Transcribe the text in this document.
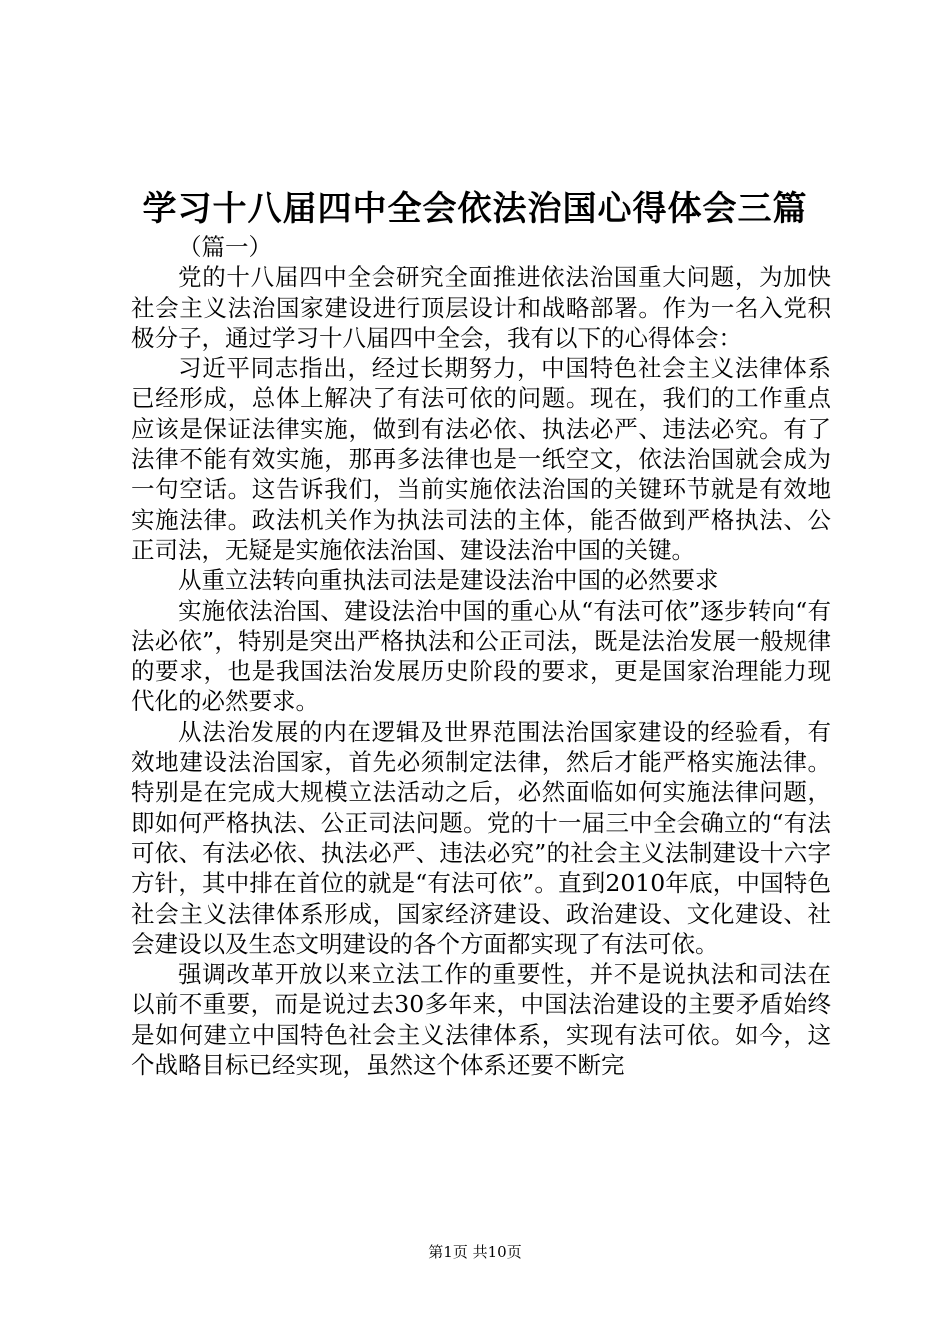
学习十八届四中全会依法治国心得体会三篇

（篇一）

党的十八届四中全会研究全面推进依法治国重大问题，为加快社会主义法治国家建设进行顶层设计和战略部署。作为一名入党积极分子，通过学习十八届四中全会，我有以下的心得体会：

习近平同志指出，经过长期努力，中国特色社会主义法律体系已经形成，总体上解决了有法可依的问题。现在，我们的工作重点应该是保证法律实施，做到有法必依、执法必严、违法必究。有了法律不能有效实施，那再多法律也是一纸空文，依法治国就会成为一句空话。这告诉我们，当前实施依法治国的关键环节就是有效地实施法律。政法机关作为执法司法的主体，能否做到严格执法、公正司法，无疑是实施依法治国、建设法治中国的关键。

从重立法转向重执法司法是建设法治中国的必然要求

实施依法治国、建设法治中国的重心从“有法可依”逐步转向“有法必依”，特别是突出严格执法和公正司法，既是法治发展一般规律的要求，也是我国法治发展历史阶段的要求，更是国家治理能力现代化的必然要求。

从法治发展的内在逻辑及世界范围法治国家建设的经验看，有效地建设法治国家，首先必须制定法律，然后才能严格实施法律。特别是在完成大规模立法活动之后，必然面临如何实施法律问题，即如何严格执法、公正司法问题。党的十一届三中全会确立的“有法可依、有法必依、执法必严、违法必究”的社会主义法制建设十六字方针，其中排在首位的就是“有法可依”。直到2010年底，中国特色社会主义法律体系形成，国家经济建设、政治建设、文化建设、社会建设以及生态文明建设的各个方面都实现了有法可依。

强调改革开放以来立法工作的重要性，并不是说执法和司法在以前不重要，而是说过去30多年来，中国法治建设的主要矛盾始终是如何建立中国特色社会主义法律体系，实现有法可依。如今，这个战略目标已经实现，虽然这个体系还要不断完

第1页 共10页
